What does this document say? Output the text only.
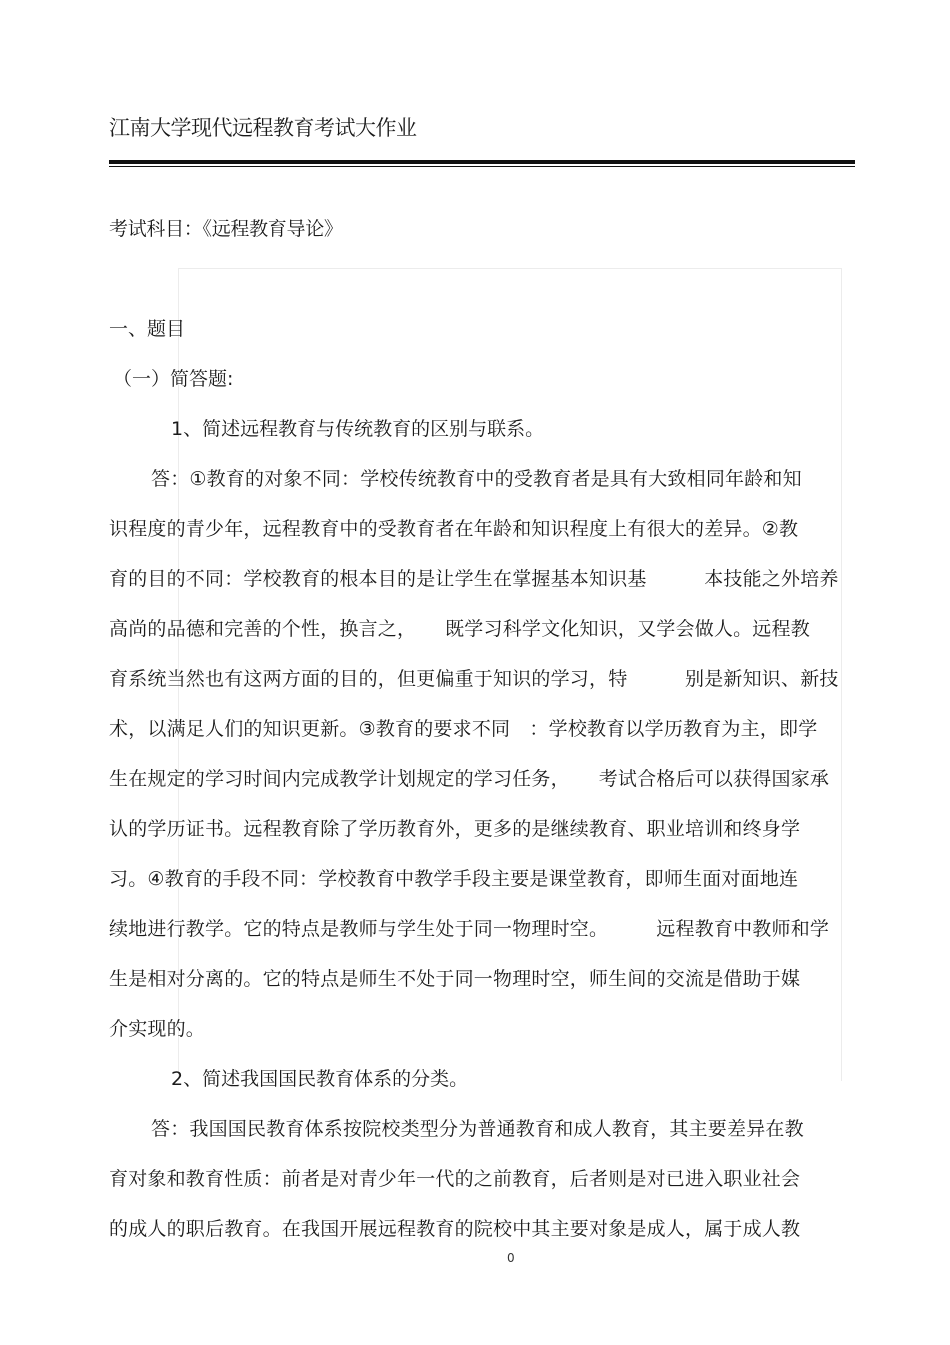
江南大学现代远程教育考试大作业
考试科目：《远程教育导论》
一、题目
（一）简答题:
1、简述远程教育与传统教育的区别与联系。
答：①教育的对象不同：学校传统教育中的受教育者是具有大致相同年龄和知
识程度的青少年，远程教育中的受教育者在年龄和知识程度上有很大的差异。②教
育的目的不同：学校教育的根本目的是让学生在掌握基本知识基　　　本技能之外培养
高尚的品德和完善的个性，换言之，　　既学习科学文化知识，又学会做人。远程教
育系统当然也有这两方面的目的，但更偏重于知识的学习，特　　　别是新知识、新技
术，以满足人们的知识更新。③教育的要求不同　：学校教育以学历教育为主，即学
生在规定的学习时间内完成教学计划规定的学习任务，　　考试合格后可以获得国家承
认的学历证书。远程教育除了学历教育外，更多的是继续教育、职业培训和终身学
习。④教育的手段不同：学校教育中教学手段主要是课堂教育，即师生面对面地连
续地进行教学。它的特点是教师与学生处于同一物理时空。　　　远程教育中教师和学
生是相对分离的。它的特点是师生不处于同一物理时空，师生间的交流是借助于媒
介实现的。
2、简述我国国民教育体系的分类。
答：我国国民教育体系按院校类型分为普通教育和成人教育，其主要差异在教
育对象和教育性质：前者是对青少年一代的之前教育，后者则是对已进入职业社会
的成人的职后教育。在我国开展远程教育的院校中其主要对象是成人，属于成人教
0
